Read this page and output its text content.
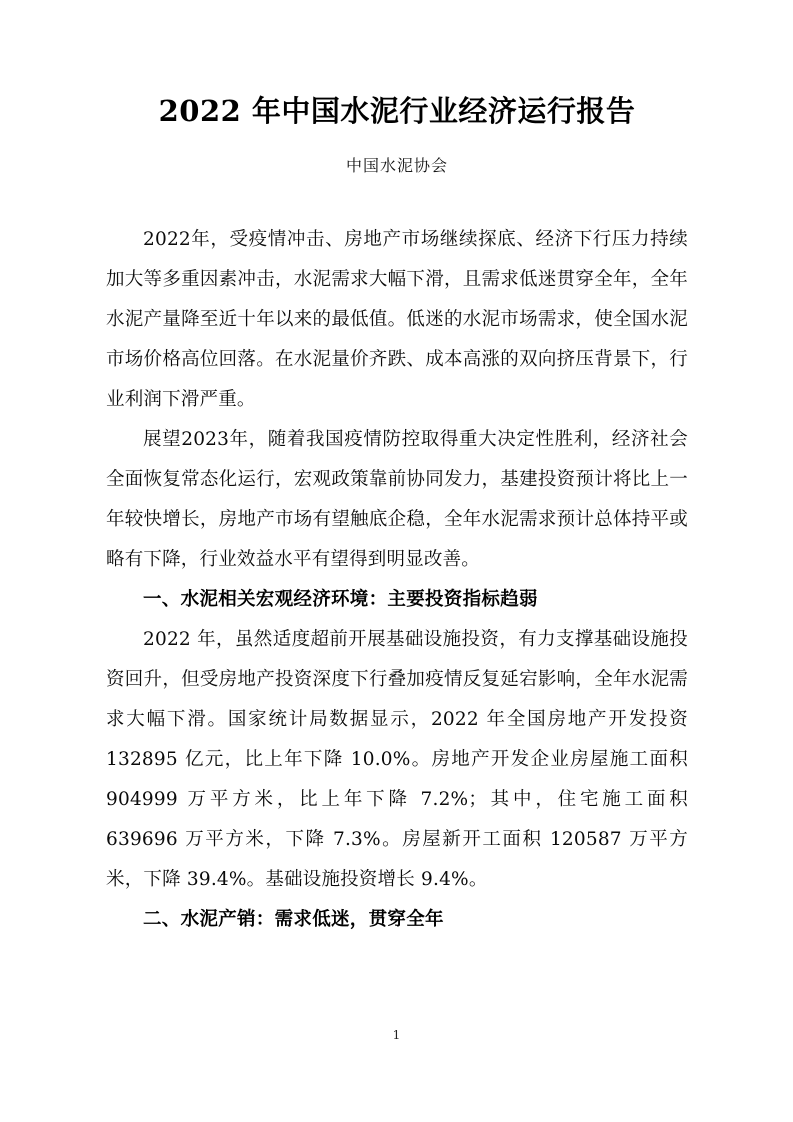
2022 年中国水泥行业经济运行报告

中国水泥协会

2022年，受疫情冲击、房地产市场继续探底、经济下行压力持续加大等多重因素冲击，水泥需求大幅下滑，且需求低迷贯穿全年，全年水泥产量降至近十年以来的最低值。低迷的水泥市场需求，使全国水泥市场价格高位回落。在水泥量价齐跌、成本高涨的双向挤压背景下，行业利润下滑严重。

展望2023年，随着我国疫情防控取得重大决定性胜利，经济社会全面恢复常态化运行，宏观政策靠前协同发力，基建投资预计将比上一年较快增长，房地产市场有望触底企稳，全年水泥需求预计总体持平或略有下降，行业效益水平有望得到明显改善。

一、水泥相关宏观经济环境：主要投资指标趋弱

2022 年，虽然适度超前开展基础设施投资，有力支撑基础设施投资回升，但受房地产投资深度下行叠加疫情反复延宕影响，全年水泥需求大幅下滑。国家统计局数据显示，2022 年全国房地产开发投资 132895 亿元，比上年下降 10.0%。房地产开发企业房屋施工面积 904999 万平方米，比上年下降 7.2%；其中，住宅施工面积 639696 万平方米，下降 7.3%。房屋新开工面积 120587 万平方米，下降 39.4%。基础设施投资增长 9.4%。

二、水泥产销：需求低迷，贯穿全年
1
